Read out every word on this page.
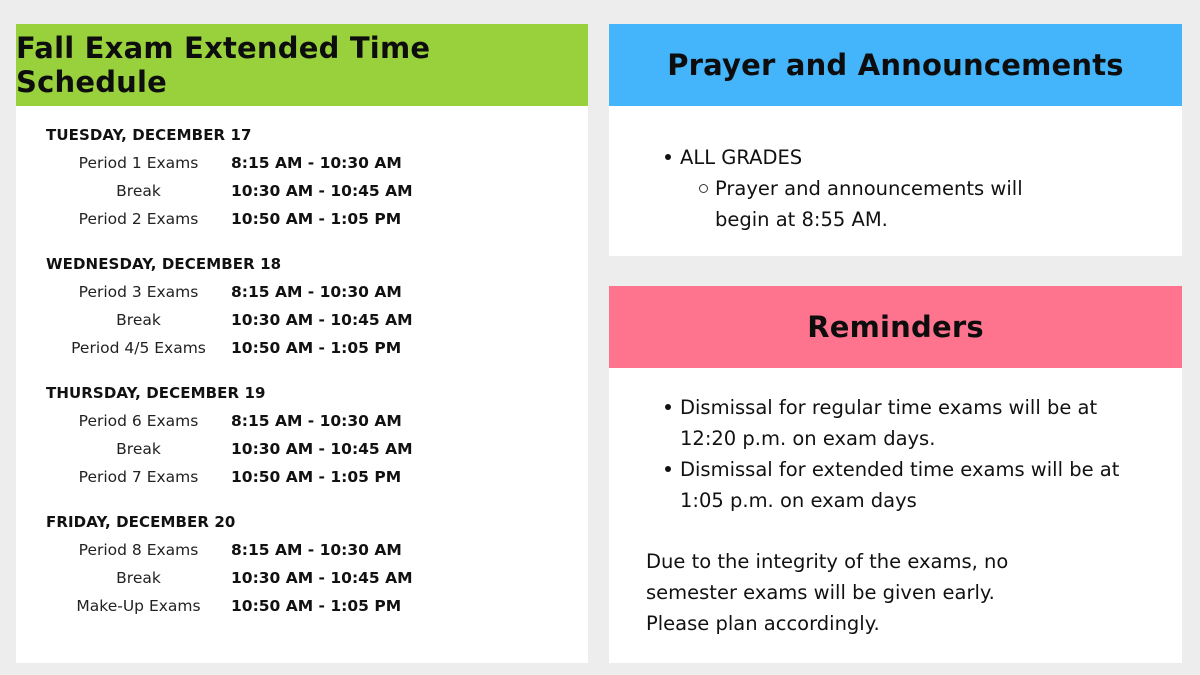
Fall Exam Extended Time Schedule
TUESDAY, DECEMBER 17
Period 1 Exams	8:15 AM - 10:30 AM
Break	10:30 AM - 10:45 AM
Period 2 Exams	10:50 AM - 1:05 PM
WEDNESDAY, DECEMBER 18
Period 3 Exams	8:15 AM - 10:30 AM
Break	10:30 AM - 10:45 AM
Period 4/5 Exams	10:50 AM - 1:05 PM
THURSDAY, DECEMBER 19
Period 6 Exams	8:15 AM - 10:30 AM
Break	10:30 AM - 10:45 AM
Period 7 Exams	10:50 AM - 1:05 PM
FRIDAY, DECEMBER 20
Period 8 Exams	8:15 AM - 10:30 AM
Break	10:30 AM - 10:45 AM
Make-Up Exams	10:50 AM - 1:05 PM
Prayer and Announcements
ALL GRADES
Prayer and announcements will begin at 8:55 AM.
Reminders
Dismissal for regular time exams will be at 12:20 p.m. on exam days.
Dismissal for extended time exams will be at 1:05 p.m. on exam days

Due to the integrity of the exams, no semester exams will be given early. Please plan accordingly.
